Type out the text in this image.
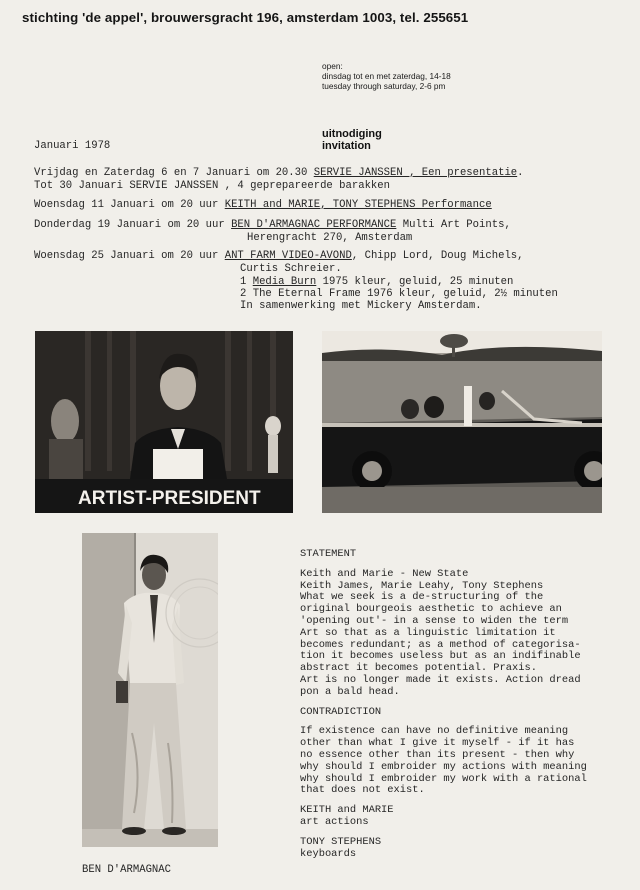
stichting 'de appel', brouwersgracht 196, amsterdam 1003, tel. 255651
open:
dinsdag tot en met zaterdag, 14-18
tuesday through saturday, 2-6 pm
uitnodiging
invitation
Januari 1978
Vrijdag en Zaterdag 6 en 7 Januari om 20.30 SERVIE JANSSEN , Een presentatie.
Tot 30 Januari SERVIE JANSSEN , 4 geprepareerde barakken
Woensdag 11 Januari om 20 uur KEITH and MARIE, TONY STEPHENS Performance
Donderdag 19 Januari om 20 uur BEN D'ARMAGNAC PERFORMANCE Multi Art Points,
Herengracht 270, Amsterdam
Woensdag 25 Januari om 20 uur ANT FARM VIDEO-AVOND, Chipp Lord, Doug Michels,
Curtis Schreier.
1 Media Burn 1975 kleur, geluid, 25 minuten
2 The Eternal Frame 1976 kleur, geluid, 2½ minuten
In samenwerking met Mickery Amsterdam.
ARTIST-PRESIDENT
BEN D'ARMAGNAC
STATEMENT
Keith and Marie - New State
Keith James, Marie Leahy, Tony Stephens
What we seek is a de-structuring of the
original bourgeois aesthetic to achieve an
'opening out'- in a sense to widen the term
Art so that as a linguistic limitation it
becomes redundant; as a method of categorisa-
tion it becomes useless but as an indifinable
abstract it becomes potential. Praxis.
Art is no longer made it exists. Action dread
pon a bald head.
CONTRADICTION
If existence can have no definitive meaning
other than what I give it myself - if it has
no essence other than its present - then why
why should I embroider my actions with meaning
why should I embroider my work with a rational
that does not exist.
KEITH and MARIE
art actions
TONY STEPHENS
keyboards
